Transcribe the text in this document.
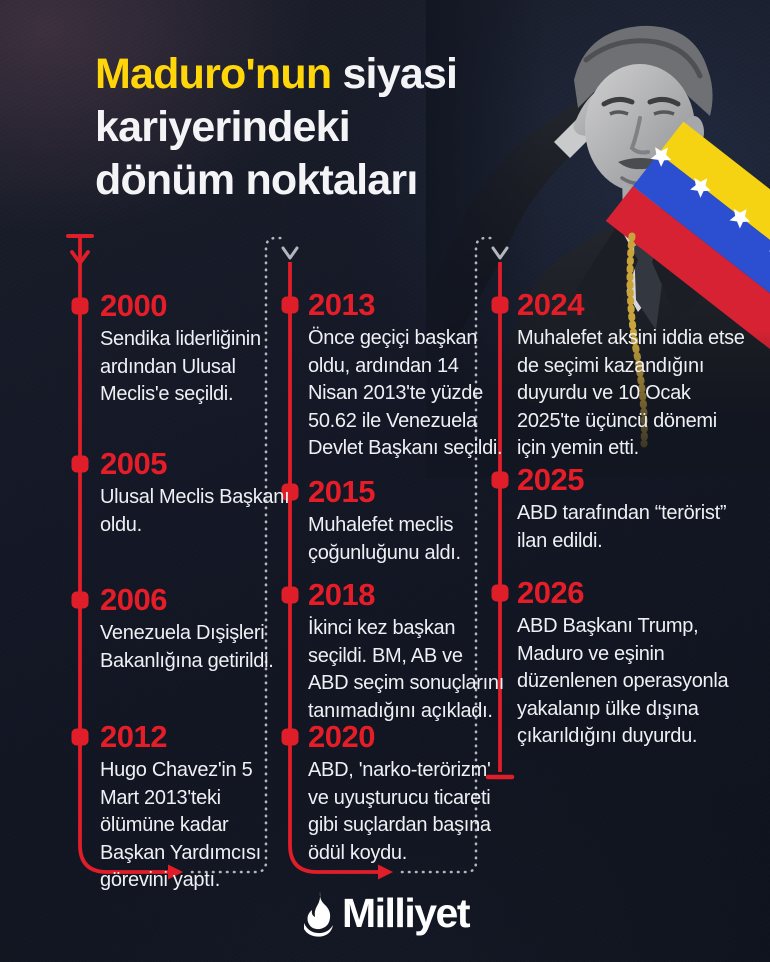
Maduro'nun siyasi
kariyerindeki
dönüm noktaları
2000
Sendika liderliğinin ardından Ulusal Meclis'e seçildi.
2005
Ulusal Meclis Başkanı oldu.
2006
Venezuela Dışişleri Bakanlığına getirildi.
2012
Hugo Chavez'in 5 Mart 2013'teki ölümüne kadar Başkan Yardımcısı görevini yaptı.
2013
Önce geçiçi başkan oldu, ardından 14 Nisan 2013'te yüzde 50.62 ile Venezuela Devlet Başkanı seçildi.
2015
Muhalefet meclis çoğunluğunu aldı.
2018
İkinci kez başkan seçildi. BM, AB ve ABD seçim sonuçlarını tanımadığını açıkladı.
2020
ABD, 'narko-terörizm' ve uyuşturucu ticareti gibi suçlardan başına ödül koydu.
2024
Muhalefet aksini iddia etse de seçimi kazandığını duyurdu ve 10 Ocak 2025'te üçüncü dönemi için yemin etti.
2025
ABD tarafından “terörist” ilan edildi.
2026
ABD Başkanı Trump, Maduro ve eşinin düzenlenen operasyonla yakalanıp ülke dışına çıkarıldığını duyurdu.
Milliyet
